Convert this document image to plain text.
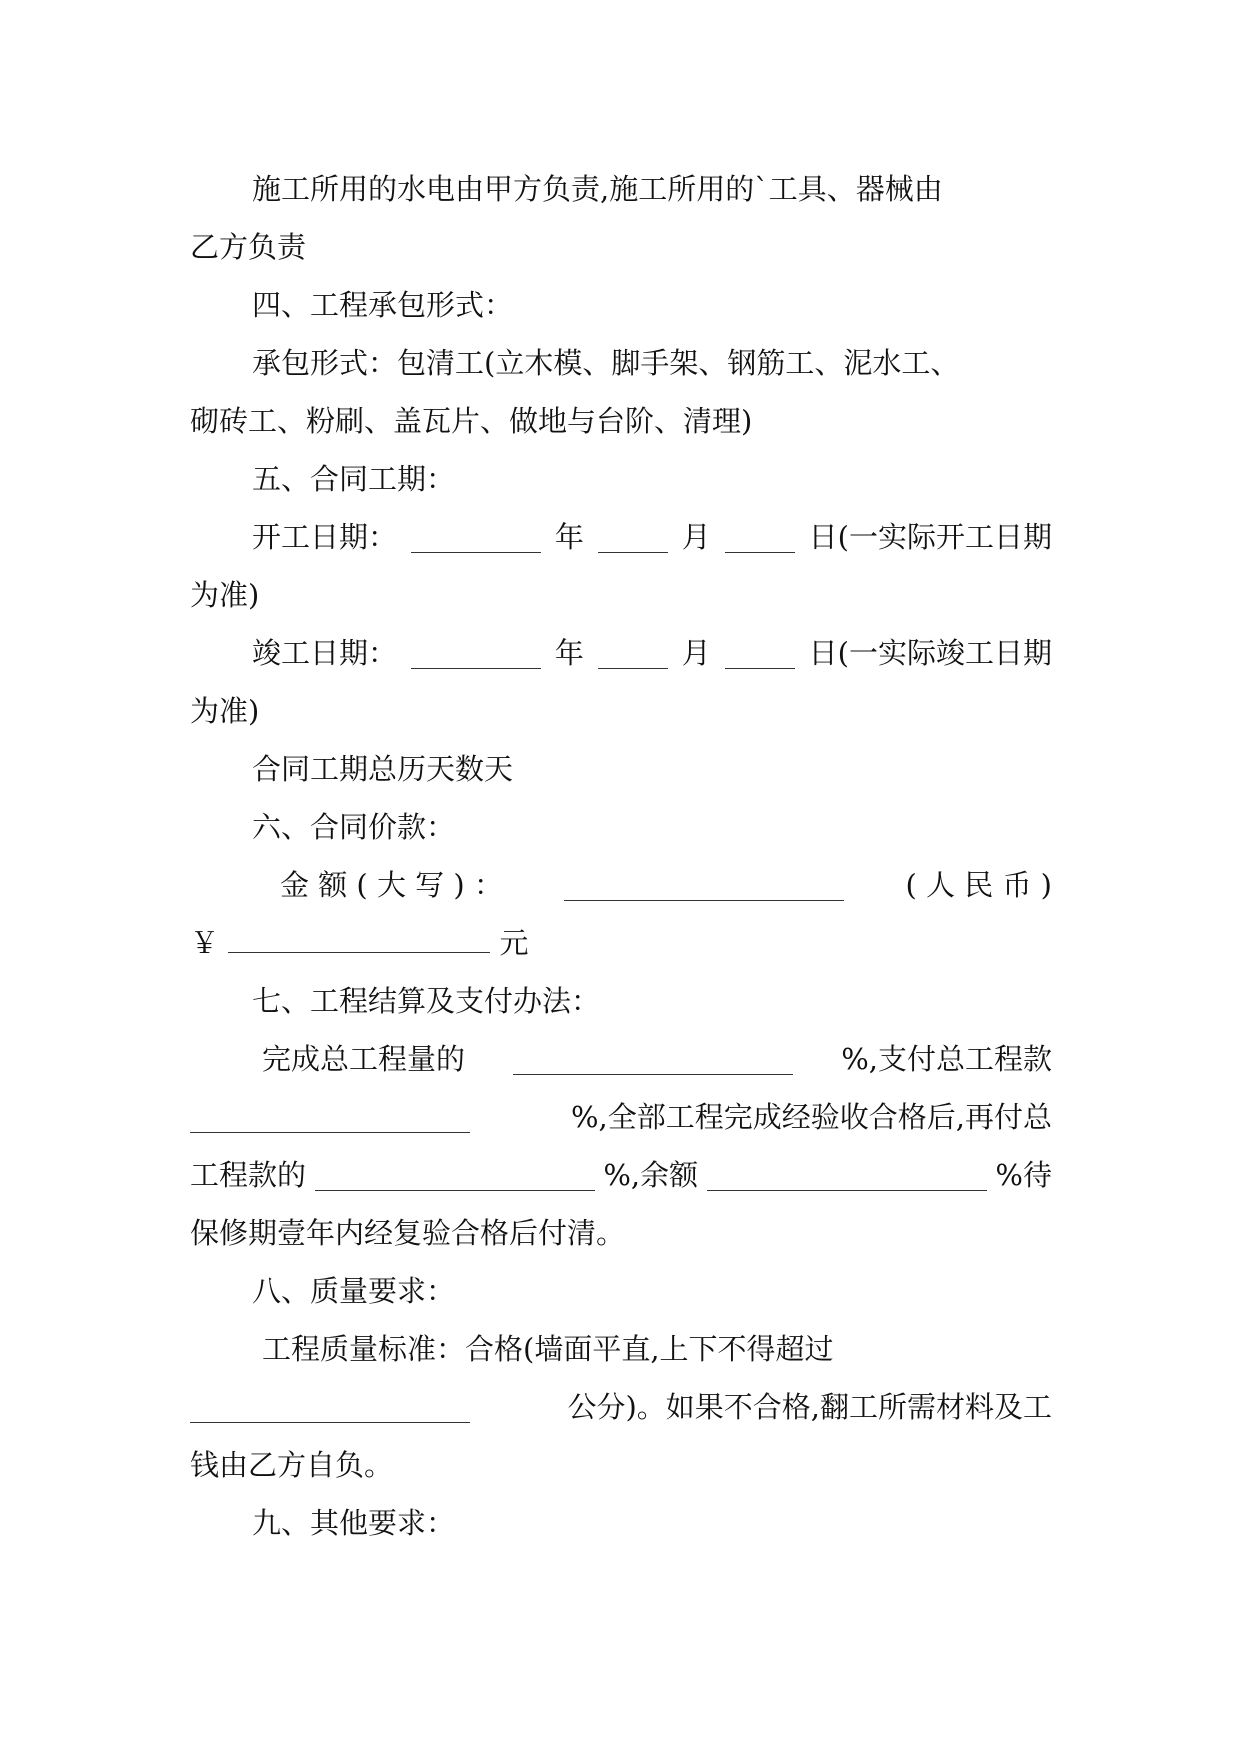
施工所用的水电由甲方负责,施工所用的`工具、器械由
乙方负责
四、工程承包形式：
承包形式：包清工(立木模、脚手架、钢筋工、泥水工、
砌砖工、粉刷、盖瓦片、做地与台阶、清理)
五、合同工期：
开工日期：	年	月	日(一实际开工日期
为准)
竣工日期：	年	月	日(一实际竣工日期
为准)
合同工期总历天数天
六、合同价款：
金 额 ( 大 写 ) ：	( 人 民 币 )
￥	元
七、工程结算及支付办法：
完成总工程量的	%,支付总工程款
%,全部工程完成经验收合格后,再付总
工程款的	%,余额	%待
保修期壹年内经复验合格后付清。
八、质量要求：
工程质量标准：合格(墙面平直,上下不得超过
公分)。如果不合格,翻工所需材料及工
钱由乙方自负。
九、其他要求：
